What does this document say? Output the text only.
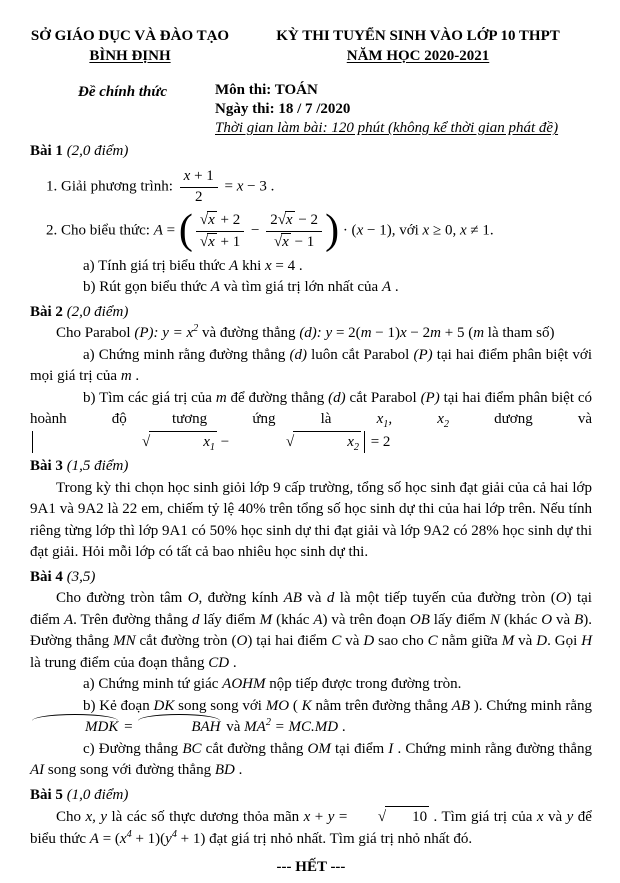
SỞ GIÁO DỤC VÀ ĐÀO TẠO
BÌNH ĐỊNH
KỲ THI TUYỂN SINH VÀO LỚP 10 THPT
NĂM HỌC 2020-2021
Đề chính thức	Môn thi: TOÁN
Ngày thi: 18 / 7 /2020
Thời gian làm bài: 120 phút (không kể thời gian phát đề)
Bài 1 (2,0 điểm)
1. Giải phương trình: $\frac{x + 1}{2} = x - 3$ .
2. Cho biểu thức: A = ( √ x + 2
√ x + 1 − 2 √ x − 2
√ x − 1 ) · (x − 1), với x ≥ 0, x ≠ 1.
a) Tính giá trị biểu thức A khi x = 4 .
b) Rút gọn biểu thức A và tìm giá trị lớn nhất của A .
Bài 2 (2,0 điểm)
Cho Parabol (P): $y = x^2$ và đường thẳng (d): y = 2(m − 1)x − 2m + 5 (m là tham số)
a) Chứng minh rằng đường thẳng (d) luôn cắt Parabol (P) tại hai điểm phân biệt với mọi giá trị của m .
b) Tìm các giá trị của m để đường thẳng (d) cắt Parabol (P) tại hai điểm phân biệt có hoành độ tương ứng là $x_1$, $x_2$ dương và √ $x_1$ −	√ $x_2 = 2$
Bài 3 (1,5 điểm)
Trong kỳ thi chọn học sinh giỏi lớp 9 cấp trường, tổng số học sinh đạt giải của cả hai lớp 9A1 và 9A2 là 22 em, chiếm tỷ lệ 40% trên tổng số học sinh dự thi của hai lớp trên. Nếu tính riêng từng lớp thì lớp 9A1 có 50% học sinh dự thi đạt giải và lớp 9A2 có 28% học sinh dự thi đạt giải. Hỏi mỗi lớp có tất cả bao nhiêu học sinh dự thi.
Bài 4 (3,5)
Cho đường tròn tâm O, đường kính AB và d là một tiếp tuyến của đường tròn (O) tại điểm A. Trên đường thẳng d lấy điểm M (khác A) và trên đoạn OB lấy điểm N (khác O và B). Đường thẳng MN cắt đường tròn (O) tại hai điểm C và D sao cho C nằm giữa M và D. Gọi H là trung điểm của đoạn thẳng CD .
a) Chứng minh tứ giác AOHM nộp tiếp được trong đường tròn.
b) Kẻ đoạn DK song song với MO ( K nằm trên đường thẳng AB ). Chứng minh rằng MDK =	BAH và $MA^2 = MC.MD$ .
c) Đường thẳng BC cắt đường thẳng OM tại điểm I . Chứng minh rằng đường thẳng AI song song với đường thẳng BD .
Bài 5 (1,0 điểm)
Cho x, y là các số thực dương thỏa mãn x + y =	√ 10 . Tìm giá trị của x và y để biểu thức $A = (x^4 + 1)(y^4 + 1)$ đạt giá trị nhỏ nhất. Tìm giá trị nhỏ nhất đó.
--- HẾT ---
